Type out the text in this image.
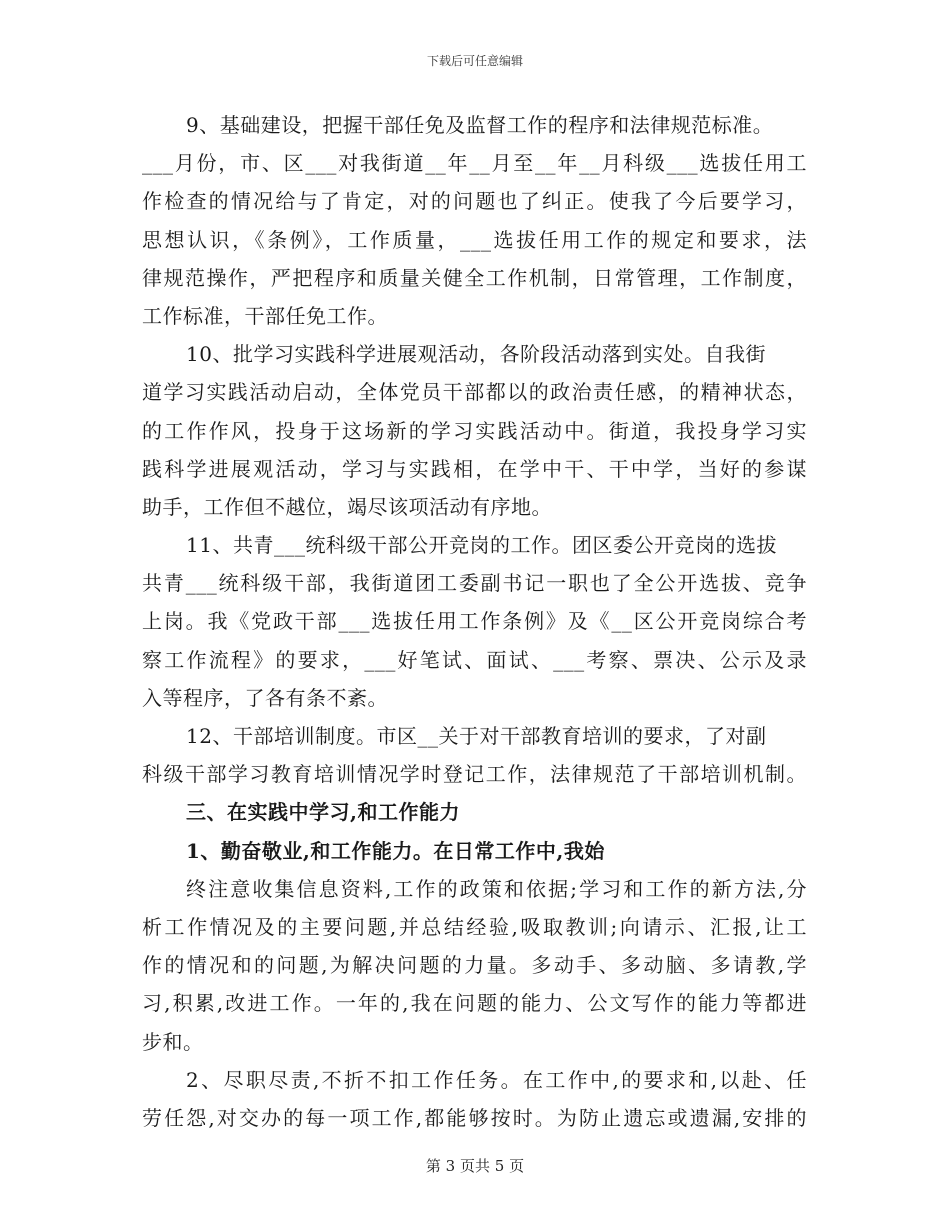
下载后可任意编辑
9、基础建设，把握干部任免及监督工作的程序和法律规范标准。
___月份，市、区___对我街道__年__月至__年__月科级___选拔任用工
作检查的情况给与了肯定，对的问题也了纠正。使我了今后要学习，
思想认识，《条例》，工作质量，___选拔任用工作的规定和要求，法
律规范操作，严把程序和质量关健全工作机制，日常管理，工作制度，
工作标准，干部任免工作。
10、批学习实践科学进展观活动，各阶段活动落到实处。自我街
道学习实践活动启动，全体党员干部都以的政治责任感，的精神状态，
的工作作风，投身于这场新的学习实践活动中。街道，我投身学习实
践科学进展观活动，学习与实践相，在学中干、干中学，当好的参谋
助手，工作但不越位，竭尽该项活动有序地。
11、共青___统科级干部公开竞岗的工作。团区委公开竞岗的选拔
共青___统科级干部，我街道团工委副书记一职也了全公开选拔、竞争
上岗。我《党政干部___选拔任用工作条例》及《__区公开竞岗综合考
察工作流程》的要求，___好笔试、面试、___考察、票决、公示及录
入等程序，了各有条不紊。
12、干部培训制度。市区__关于对干部教育培训的要求，了对副
科级干部学习教育培训情况学时登记工作，法律规范了干部培训机制。
三、在实践中学习,和工作能力
1、勤奋敬业,和工作能力。在日常工作中,我始
终注意收集信息资料,工作的政策和依据;学习和工作的新方法,分
析工作情况及的主要问题,并总结经验,吸取教训;向请示、汇报,让工
作的情况和的问题,为解决问题的力量。多动手、多动脑、多请教,学
习,积累,改进工作。一年的,我在问题的能力、公文写作的能力等都进
步和。
2、尽职尽责,不折不扣工作任务。在工作中,的要求和,以赴、任
劳任怨,对交办的每一项工作,都能够按时。为防止遗忘或遗漏,安排的
第 3 页共 5 页
